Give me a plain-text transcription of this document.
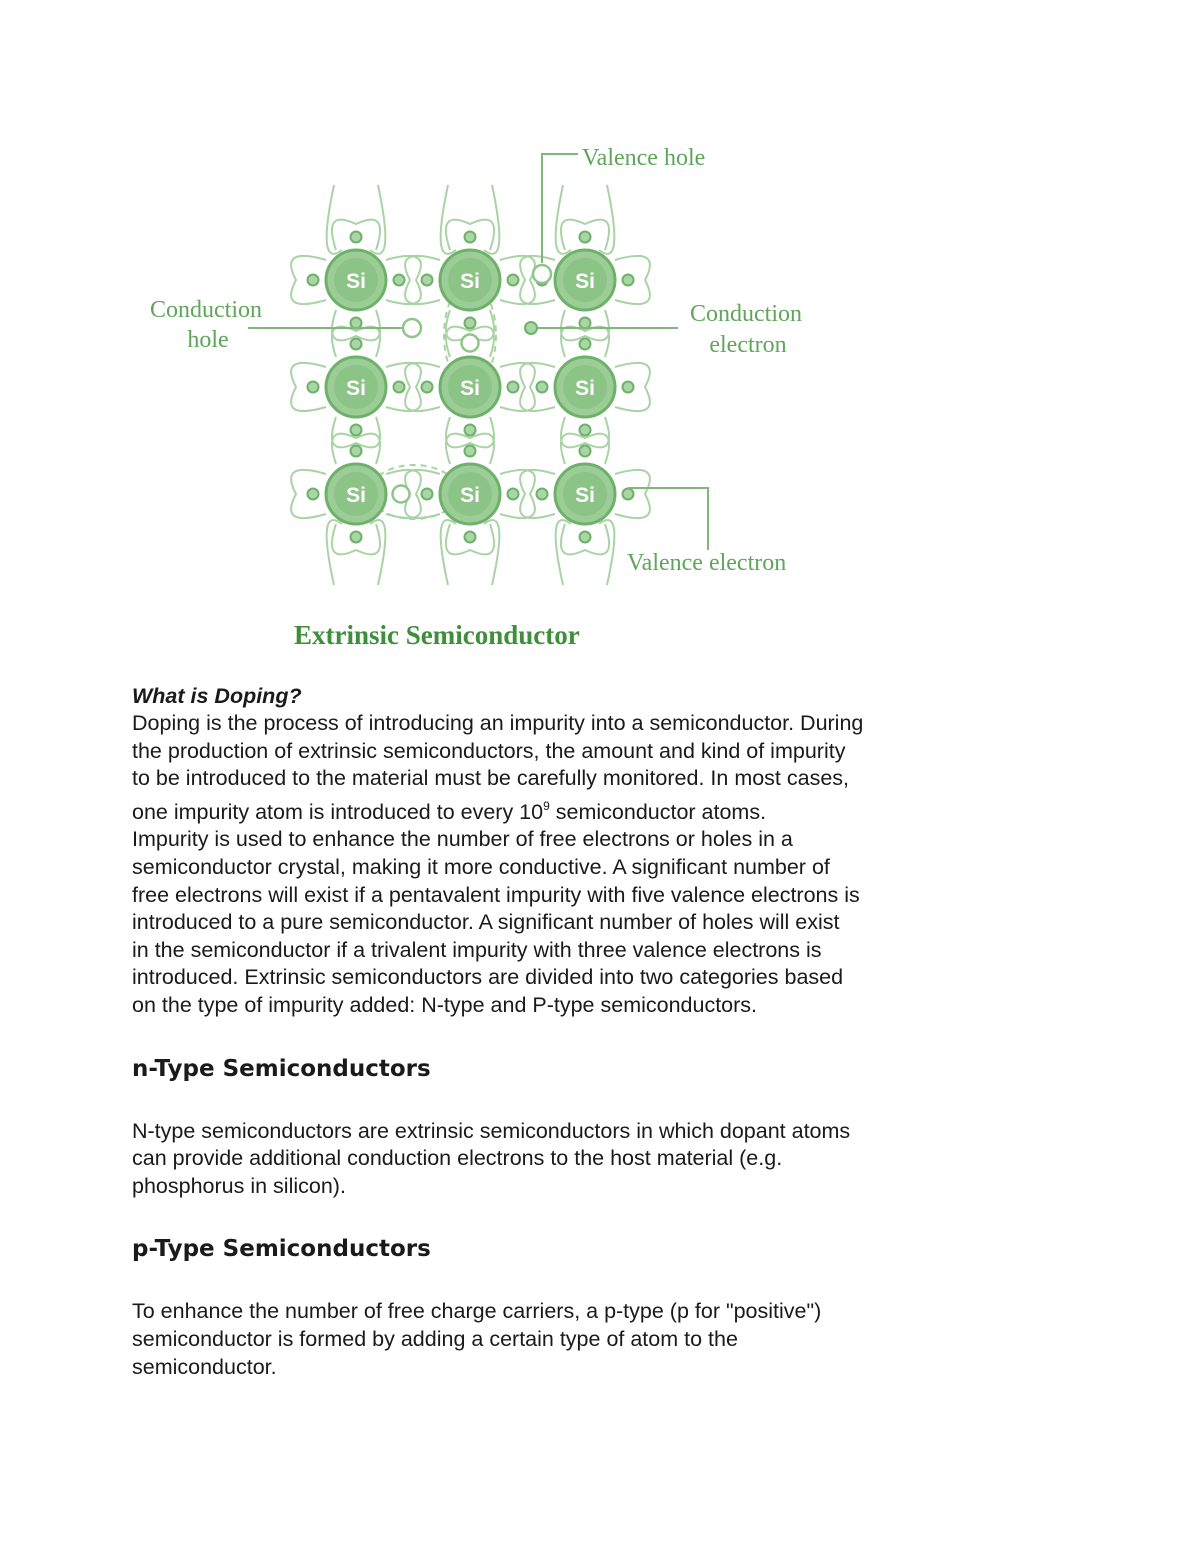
Si
Si
Si
Si
Si
Si
Si
Si
Si
Valence hole
Conduction
hole
Conduction
electron
Valence electron
Extrinsic Semiconductor

What is Doping?

Doping is the process of introducing an impurity into a semiconductor. During
the production of extrinsic semiconductors, the amount and kind of impurity
to be introduced to the material must be carefully monitored. In most cases,
one impurity atom is introduced to every $10^9$ semiconductor atoms.
Impurity is used to enhance the number of free electrons or holes in a
semiconductor crystal, making it more conductive. A significant number of
free electrons will exist if a pentavalent impurity with five valence electrons is
introduced to a pure semiconductor. A significant number of holes will exist
in the semiconductor if a trivalent impurity with three valence electrons is
introduced. Extrinsic semiconductors are divided into two categories based
on the type of impurity added: N-type and P-type semiconductors.

n-Type Semiconductors

N-type semiconductors are extrinsic semiconductors in which dopant atoms
can provide additional conduction electrons to the host material (e.g.
phosphorus in silicon).

p-Type Semiconductors

To enhance the number of free charge carriers, a p-type (p for "positive")
semiconductor is formed by adding a certain type of atom to the
semiconductor.
